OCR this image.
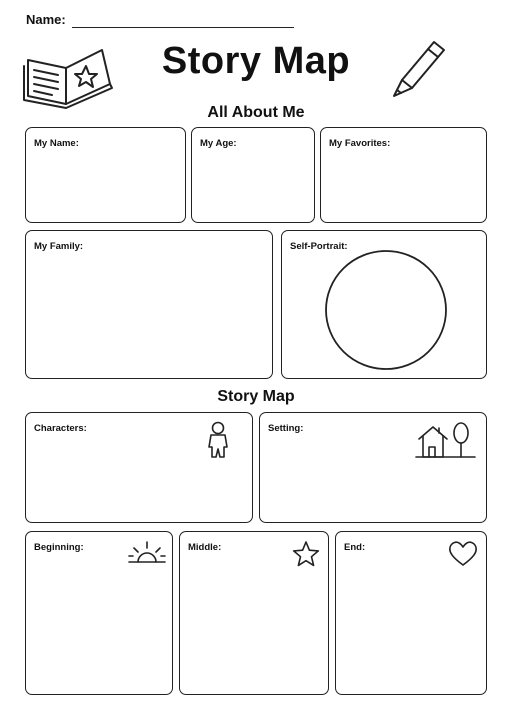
Name:
Story Map
All About Me
My Name:	My Age:	My Favorites:
My Family:	Self-Portrait:
Story Map
Characters:	Setting:
Beginning:	Middle:	End:
